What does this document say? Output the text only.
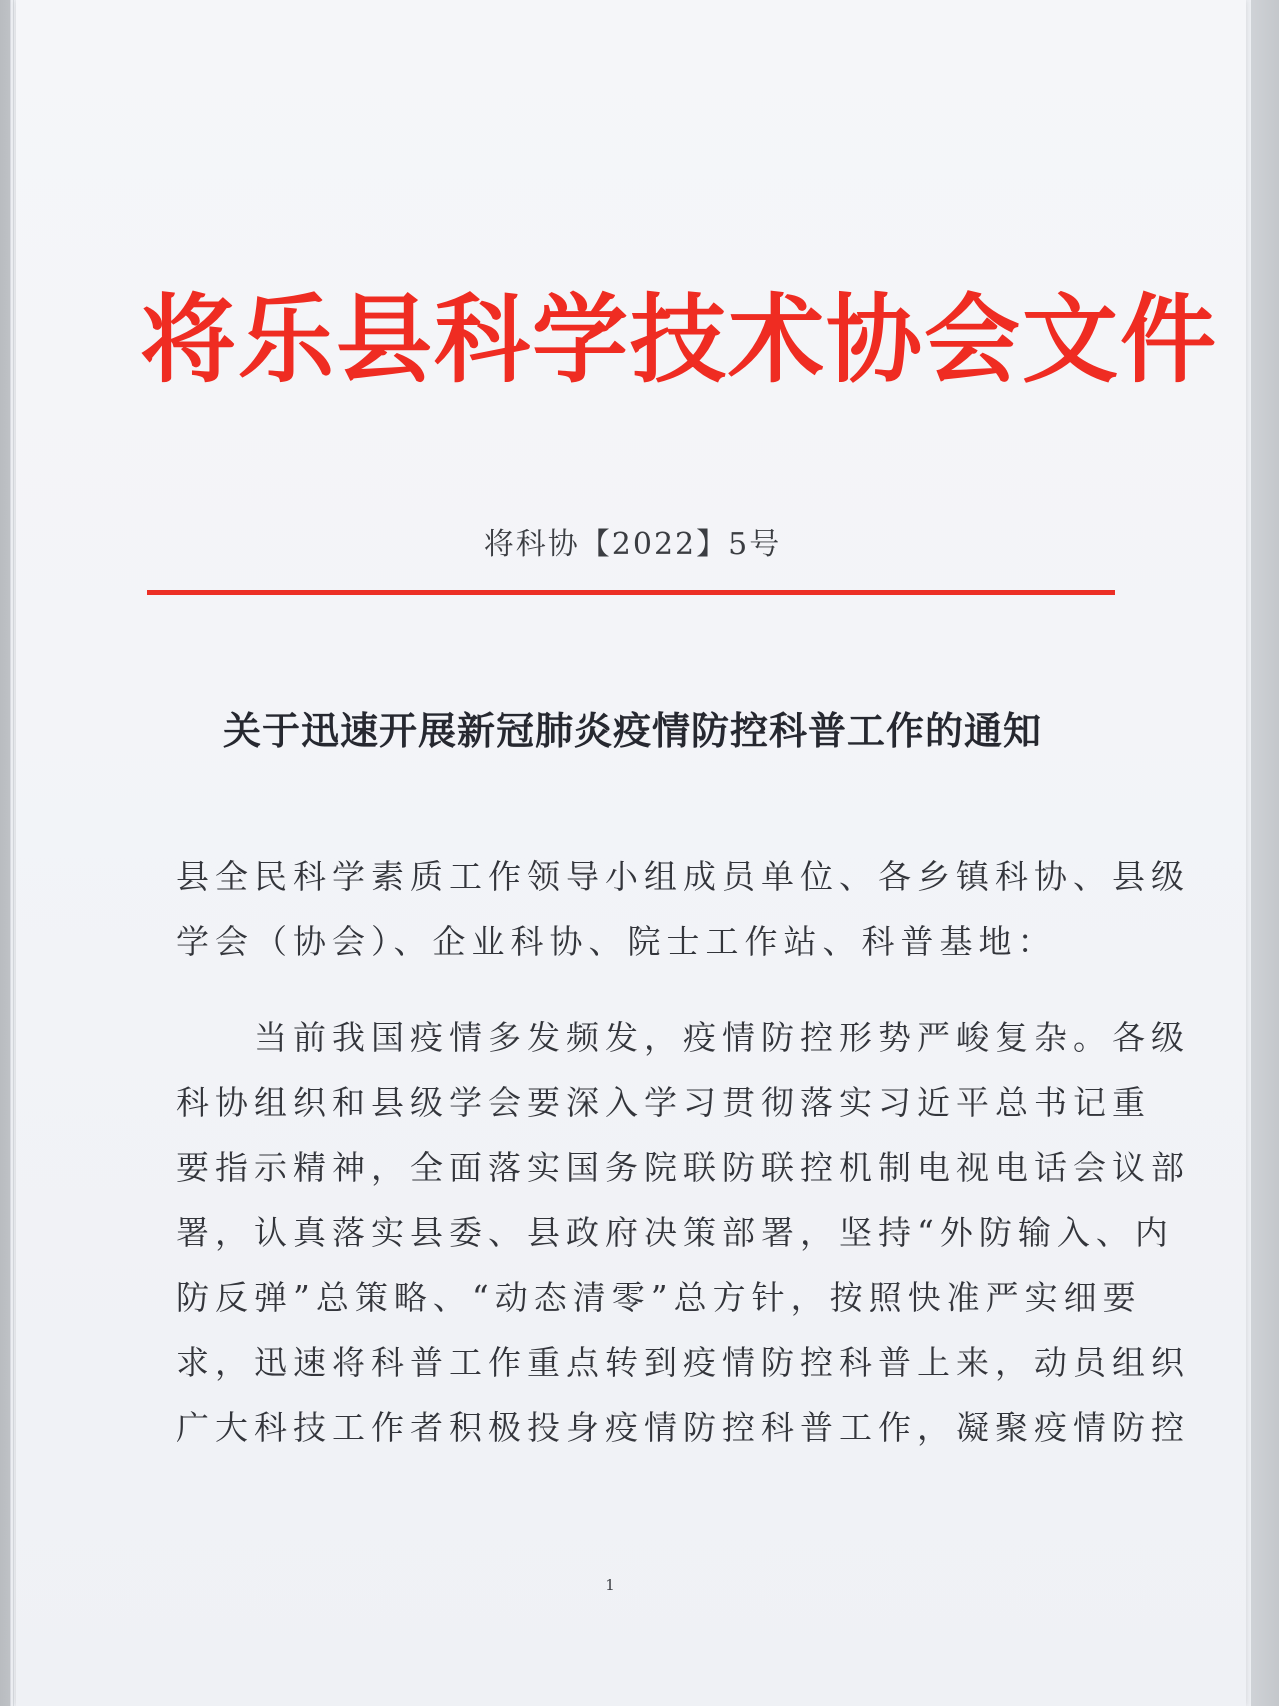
将乐县科学技术协会文件
将科协【2022】5号
关于迅速开展新冠肺炎疫情防控科普工作的通知
县全民科学素质工作领导小组成员单位、各乡镇科协、县级
学会（协会）、企业科协、院士工作站、科普基地：
　　当前我国疫情多发频发，疫情防控形势严峻复杂。各级
科协组织和县级学会要深入学习贯彻落实习近平总书记重
要指示精神，全面落实国务院联防联控机制电视电话会议部
署，认真落实县委、县政府决策部署，坚持“外防输入、内
防反弹”总策略、“动态清零”总方针，按照快准严实细要
求，迅速将科普工作重点转到疫情防控科普上来，动员组织
广大科技工作者积极投身疫情防控科普工作，凝聚疫情防控
1
